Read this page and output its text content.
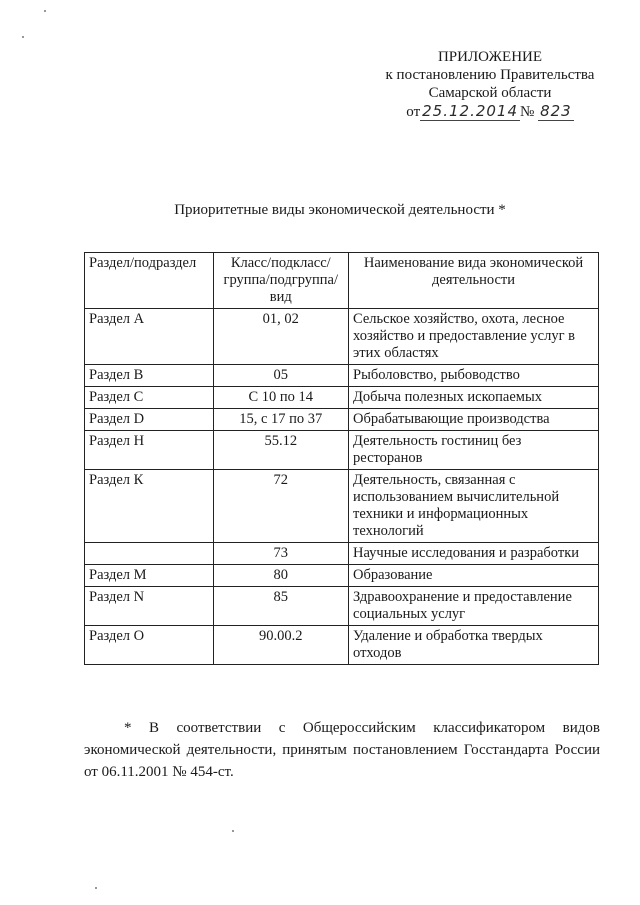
ПРИЛОЖЕНИЕ
к постановлению Правительства
Самарской области
от 25.12.2014 № 823
Приоритетные виды экономической деятельности *
Раздел/подраздел	Класс/подкласс/ группа/подгруппа/ вид	Наименование вида экономической деятельности
Раздел А	01, 02	Сельское хозяйство, охота, лесное хозяйство и предоставление услуг в этих областях
Раздел В	05	Рыболовство, рыбоводство
Раздел С	С 10 по 14	Добыча полезных ископаемых
Раздел D	15, с 17 по 37	Обрабатывающие производства
Раздел Н	55.12	Деятельность гостиниц без ресторанов
Раздел К	72	Деятельность, связанная с использованием вычислительной техники и информационных технологий
	73	Научные исследования и разработки
Раздел М	80	Образование
Раздел N	85	Здравоохранение и предоставление социальных услуг
Раздел О	90.00.2	Удаление и обработка твердых отходов
* В соответствии с Общероссийским классификатором видов экономической деятельности, принятым постановлением Госстандарта России от 06.11.2001 № 454-ст.
